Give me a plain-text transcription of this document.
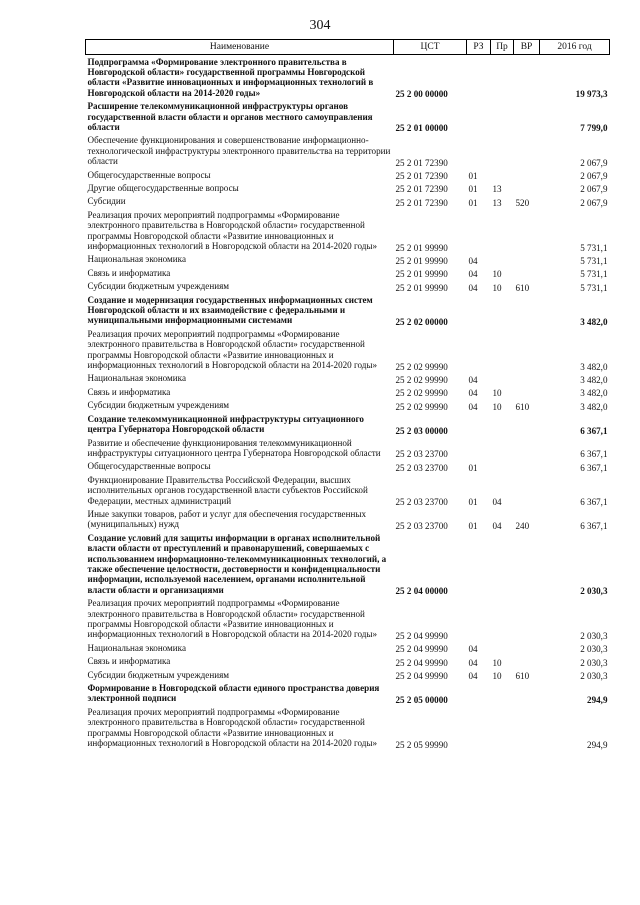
304
Наименование	ЦСТ	РЗ	Пр	ВР	2016 год
Подпрограмма «Формирование электронного правительства в Новгородской области» государственной программы Новгородской области «Развитие инновационных и информационных технологий в Новгородской области на 2014-2020 годы»	25 2 00 00000				19 973,3
Расширение телекоммуникационной инфраструктуры органов государственной власти области и органов местного самоуправления области	25 2 01 00000				7 799,0
Обеспечение функционирования и совершенствование информационно-технологической инфраструктуры электронного правительства на территории области	25 2 01 72390				2 067,9
Общегосударственные вопросы	25 2 01 72390	01			2 067,9
Другие общегосударственные вопросы	25 2 01 72390	01	13		2 067,9
Субсидии	25 2 01 72390	01	13	520	2 067,9
Реализация прочих мероприятий подпрограммы «Формирование электронного правительства в Новгородской области» государственной программы Новгородской области «Развитие инновационных и информационных технологий в Новгородской области на 2014-2020 годы»	25 2 01 99990				5 731,1
Национальная экономика	25 2 01 99990	04			5 731,1
Связь и информатика	25 2 01 99990	04	10		5 731,1
Субсидии бюджетным учреждениям	25 2 01 99990	04	10	610	5 731,1
Создание и модернизация государственных информационных систем Новгородской области и их взаимодействие с федеральными и муниципальными информационными системами	25 2 02 00000				3 482,0
Реализация прочих мероприятий подпрограммы «Формирование электронного правительства в Новгородской области» государственной программы Новгородской области «Развитие инновационных и информационных технологий в Новгородской области на 2014-2020 годы»	25 2 02 99990				3 482,0
Национальная экономика	25 2 02 99990	04			3 482,0
Связь и информатика	25 2 02 99990	04	10		3 482,0
Субсидии бюджетным учреждениям	25 2 02 99990	04	10	610	3 482,0
Создание телекоммуникационной инфраструктуры ситуационного центра Губернатора Новгородской области	25 2 03 00000				6 367,1
Развитие и обеспечение функционирования телекоммуникационной инфраструктуры ситуационного центра Губернатора Новгородской области	25 2 03 23700				6 367,1
Общегосударственные вопросы	25 2 03 23700	01			6 367,1
Функционирование Правительства Российской Федерации, высших исполнительных органов государственной власти субъектов Российской Федерации, местных администраций	25 2 03 23700	01	04		6 367,1
Иные закупки товаров, работ и услуг для обеспечения государственных (муниципальных) нужд	25 2 03 23700	01	04	240	6 367,1
Создание условий для защиты информации в органах исполнительной власти области от преступлений и правонарушений, совершаемых с использованием информационно-телекоммуникационных технологий, а также обеспечение целостности, достоверности и конфиденциальности информации, используемой населением, органами исполнительной власти области и организациями	25 2 04 00000				2 030,3
Реализация прочих мероприятий подпрограммы «Формирование электронного правительства в Новгородской области» государственной программы Новгородской области «Развитие инновационных и информационных технологий в Новгородской области на 2014-2020 годы»	25 2 04 99990				2 030,3
Национальная экономика	25 2 04 99990	04			2 030,3
Связь и информатика	25 2 04 99990	04	10		2 030,3
Субсидии бюджетным учреждениям	25 2 04 99990	04	10	610	2 030,3
Формирование в Новгородской области единого пространства доверия электронной подписи	25 2 05 00000				294,9
Реализация прочих мероприятий подпрограммы «Формирование электронного правительства в Новгородской области» государственной программы Новгородской области «Развитие инновационных и информационных технологий в Новгородской области на 2014-2020 годы»	25 2 05 99990				294,9
